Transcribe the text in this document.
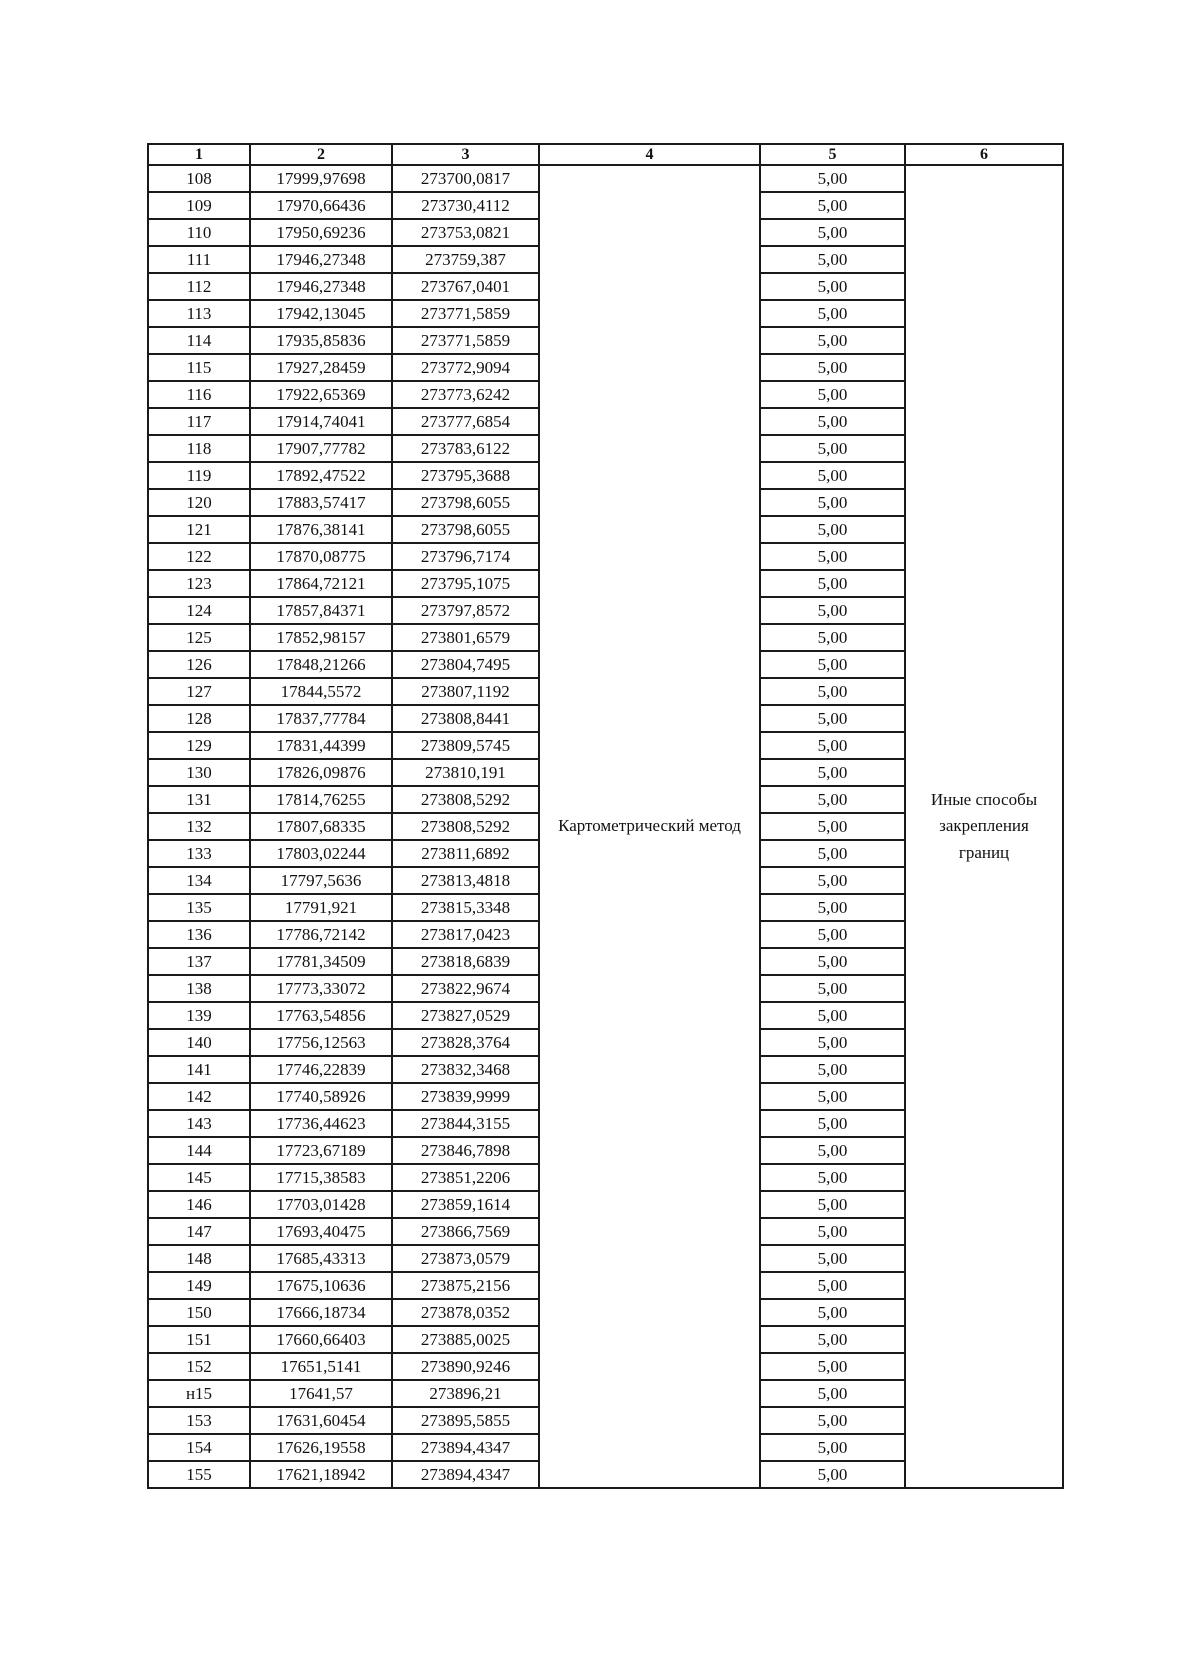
1	2	3	4	5	6
108	17999,97698	273700,0817	Картометрический метод	5,00	Иные способы
закрепления
границ

109	17970,66436	273730,4112		5,00	
110	17950,69236	273753,0821		5,00	
111	17946,27348	273759,387		5,00	
112	17946,27348	273767,0401		5,00	
113	17942,13045	273771,5859		5,00	
114	17935,85836	273771,5859		5,00	
115	17927,28459	273772,9094		5,00	
116	17922,65369	273773,6242		5,00	
117	17914,74041	273777,6854		5,00	
118	17907,77782	273783,6122		5,00	
119	17892,47522	273795,3688		5,00	
120	17883,57417	273798,6055		5,00	
121	17876,38141	273798,6055		5,00	
122	17870,08775	273796,7174		5,00	
123	17864,72121	273795,1075		5,00	
124	17857,84371	273797,8572		5,00	
125	17852,98157	273801,6579		5,00	
126	17848,21266	273804,7495		5,00	
127	17844,5572	273807,1192		5,00	
128	17837,77784	273808,8441		5,00	
129	17831,44399	273809,5745		5,00	
130	17826,09876	273810,191		5,00	
131	17814,76255	273808,5292		5,00	
132	17807,68335	273808,5292		5,00	
133	17803,02244	273811,6892		5,00	
134	17797,5636	273813,4818		5,00	
135	17791,921	273815,3348		5,00	
136	17786,72142	273817,0423		5,00	
137	17781,34509	273818,6839		5,00	
138	17773,33072	273822,9674		5,00	
139	17763,54856	273827,0529		5,00	
140	17756,12563	273828,3764		5,00	
141	17746,22839	273832,3468		5,00	
142	17740,58926	273839,9999		5,00	
143	17736,44623	273844,3155		5,00	
144	17723,67189	273846,7898		5,00	
145	17715,38583	273851,2206		5,00	
146	17703,01428	273859,1614		5,00	
147	17693,40475	273866,7569		5,00	
148	17685,43313	273873,0579		5,00	
149	17675,10636	273875,2156		5,00	
150	17666,18734	273878,0352		5,00	
151	17660,66403	273885,0025		5,00	
152	17651,5141	273890,9246		5,00	
н15	17641,57	273896,21		5,00	
153	17631,60454	273895,5855		5,00	
154	17626,19558	273894,4347		5,00	
155	17621,18942	273894,4347		5,00	
